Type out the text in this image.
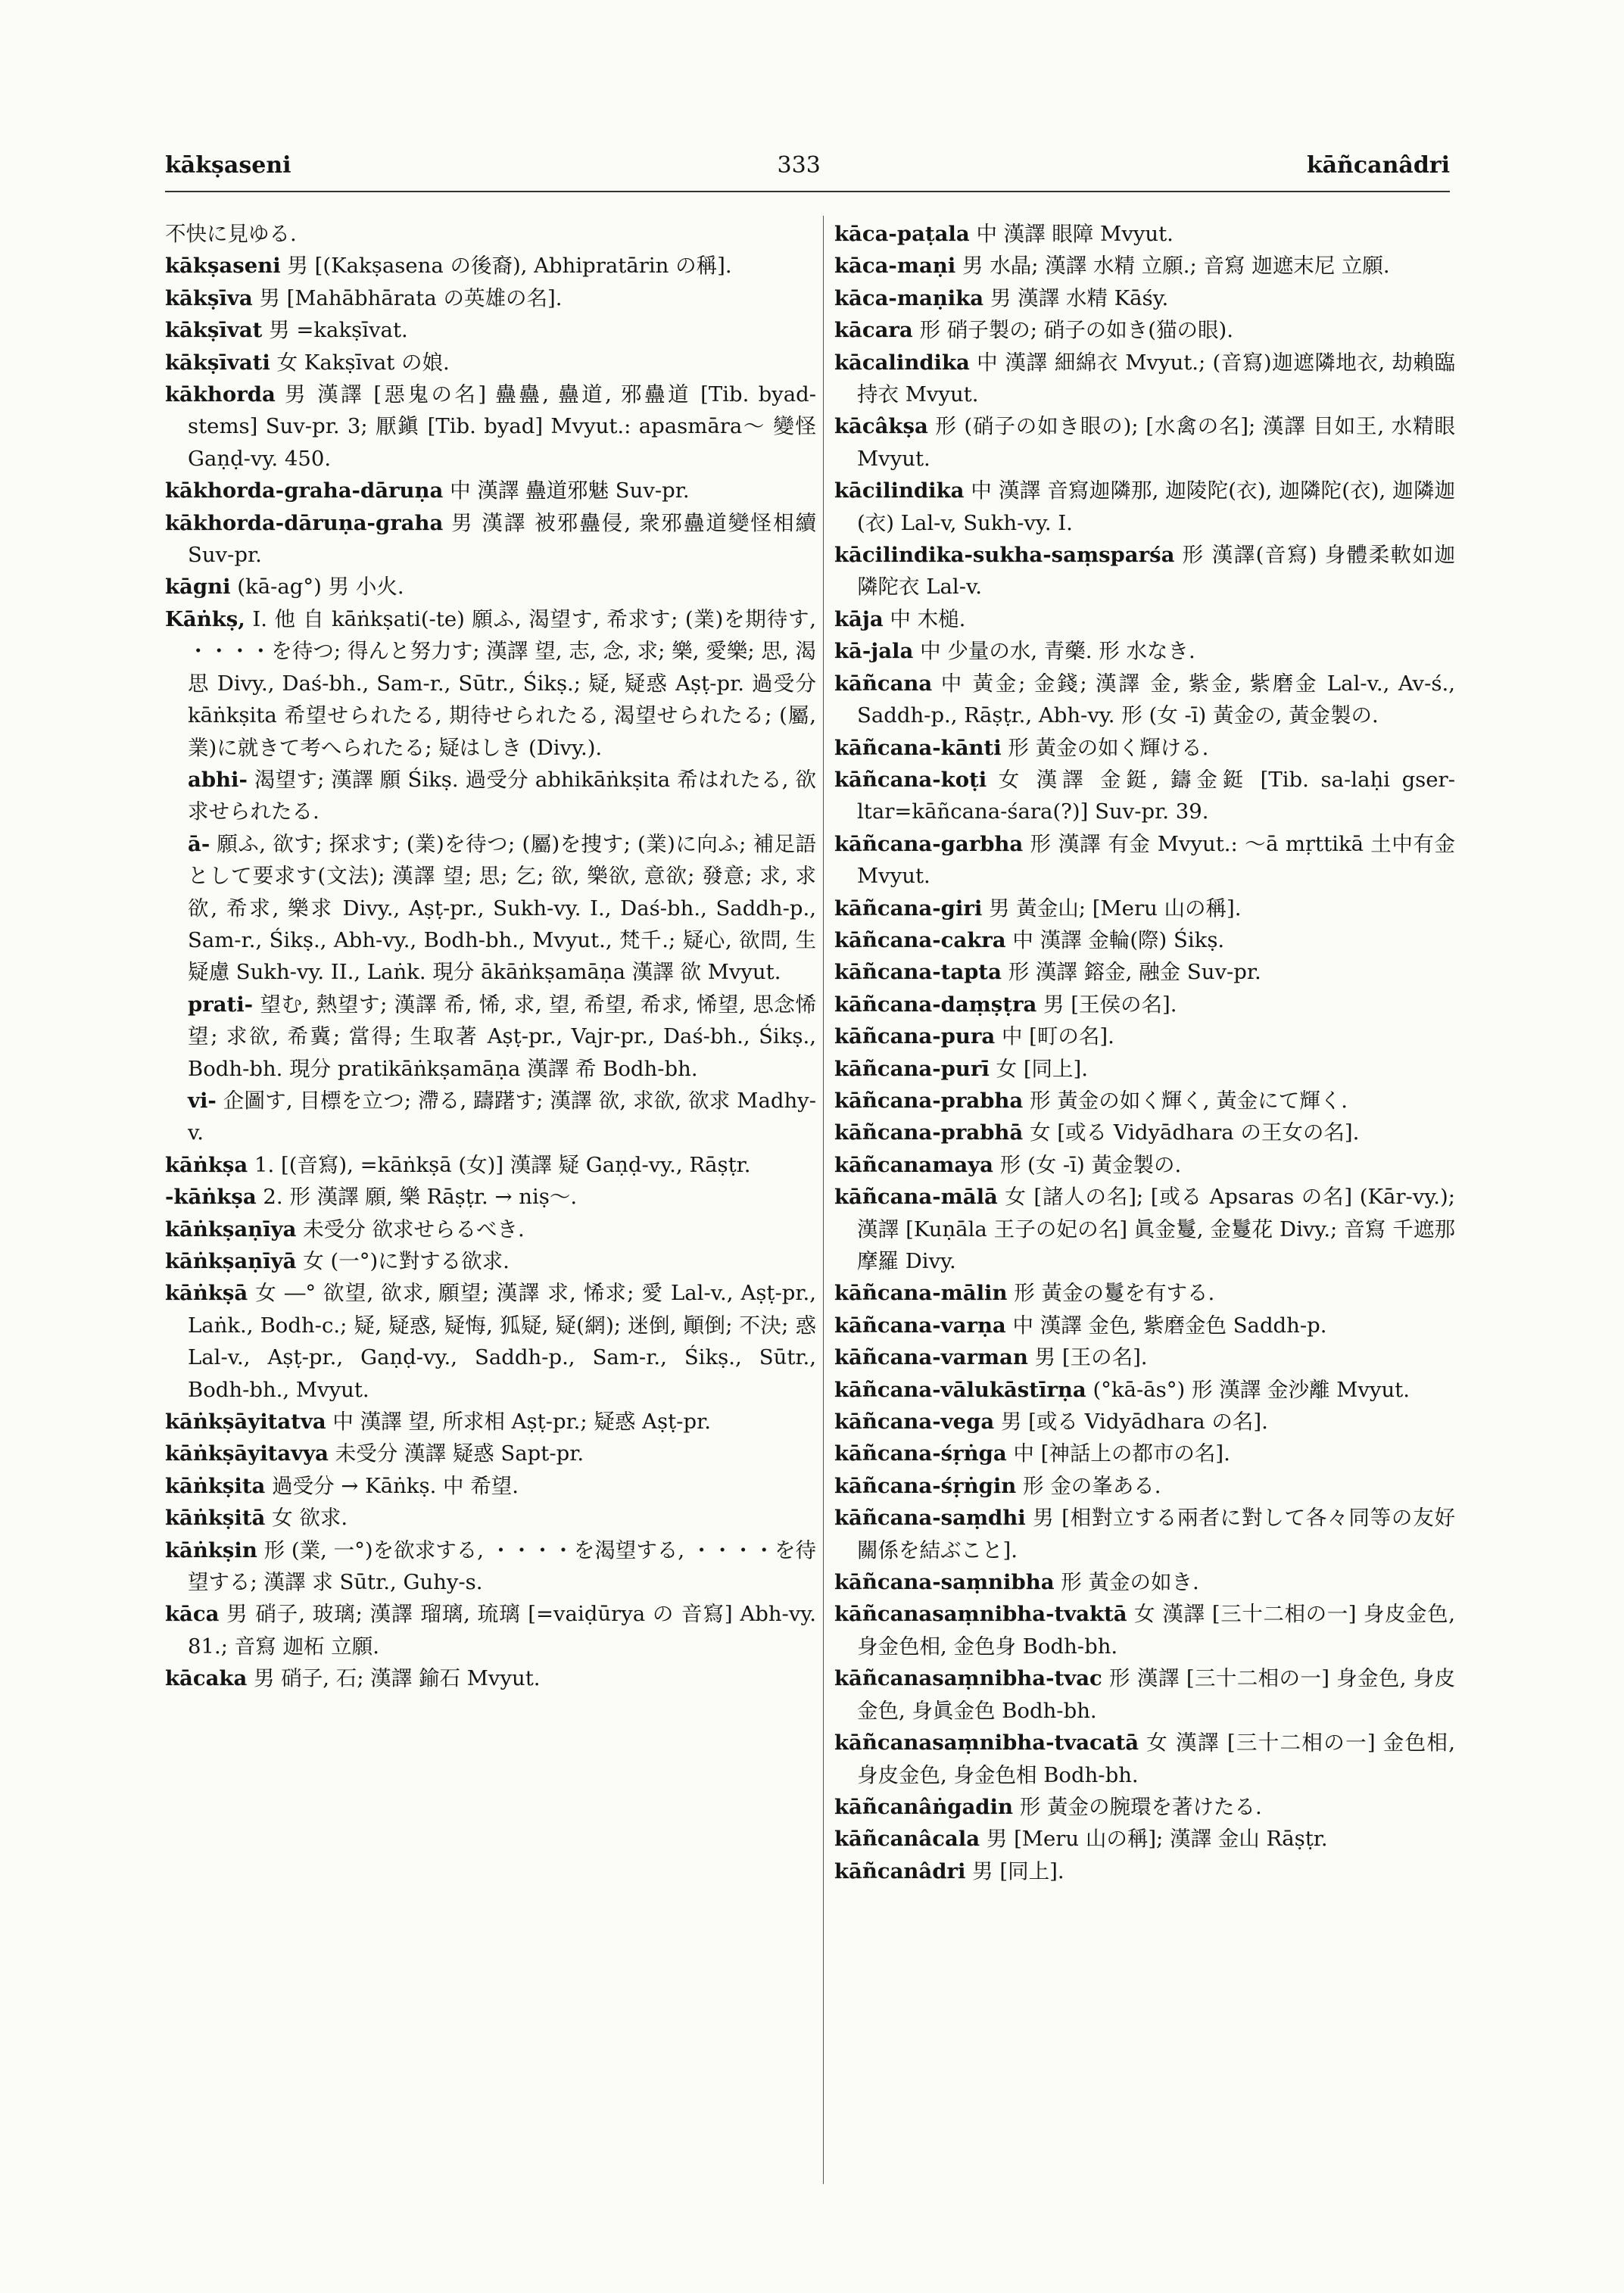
kākṣaseni	333	kāñcanâdri

不快に見ゆる.

kākṣaseni 男 [(Kakṣasena の後裔), Abhipratārin の稱].

kākṣīva 男 [Mahābhārata の英雄の名].

kākṣīvat 男 =kakṣīvat.

kākṣīvati 女 Kakṣīvat の娘.

kākhorda 男 漢譯 [惡鬼の名] 蠱蠱, 蠱道, 邪蠱道 [Tib. byad-stems] Suv-pr. 3; 厭鎭 [Tib. byad] Mvyut.: apasmāra〜 變怪 Gaṇḍ-vy. 450.

kākhorda-graha-dāruṇa 中 漢譯 蠱道邪魅 Suv-pr.

kākhorda-dāruṇa-graha 男 漢譯 被邪蠱侵, 衆邪蠱道變怪相續 Suv-pr.

kāgni (kā-ag°) 男 小火.

Kāṅkṣ, I. 他 自 kāṅkṣati(-te) 願ふ, 渴望す, 希求す; (業)を期待す, ・・・・を待つ; 得んと努力す; 漢譯 望, 志, 念, 求; 樂, 愛樂; 思, 渴思 Divy., Daś-bh., Sam-r., Sūtr., Śikṣ.; 疑, 疑惑 Aṣṭ-pr. 過受分 kāṅkṣita 希望せられたる, 期待せられたる, 渴望せられたる; (屬, 業)に就きて考へられたる; 疑はしき (Divy.).

abhi- 渴望す; 漢譯 願 Śikṣ. 過受分 abhikāṅkṣita 希はれたる, 欲求せられたる.

ā- 願ふ, 欲す; 探求す; (業)を待つ; (屬)を捜す; (業)に向ふ; 補足語として要求す(文法); 漢譯 望; 思; 乞; 欲, 樂欲, 意欲; 發意; 求, 求欲, 希求, 樂求 Divy., Aṣṭ-pr., Sukh-vy. I., Daś-bh., Saddh-p., Sam-r., Śikṣ., Abh-vy., Bodh-bh., Mvyut., 梵千.; 疑心, 欲問, 生疑慮 Sukh-vy. II., Laṅk. 現分 ākāṅkṣamāṇa 漢譯 欲 Mvyut.

prati- 望む, 熱望す; 漢譯 希, 悕, 求, 望, 希望, 希求, 悕望, 思念悕望; 求欲, 希冀; 當得; 生取著 Aṣṭ-pr., Vajr-pr., Daś-bh., Śikṣ., Bodh-bh. 現分 pratikāṅkṣamāṇa 漢譯 希 Bodh-bh.

vi- 企圖す, 目標を立つ; 滯る, 躊躇す; 漢譯 欲, 求欲, 欲求 Madhy-v.

kāṅkṣa 1. [(音寫), =kāṅkṣā (女)] 漢譯 疑 Gaṇḍ-vy., Rāṣṭr.

-kāṅkṣa 2. 形 漢譯 願, 樂 Rāṣṭr. → niṣ〜.

kāṅkṣaṇīya 未受分 欲求せらるべき.

kāṅkṣaṇīyā 女 (一°)に對する欲求.

kāṅkṣā 女 ―° 欲望, 欲求, 願望; 漢譯 求, 悕求; 愛 Lal-v., Aṣṭ-pr., Laṅk., Bodh-c.; 疑, 疑惑, 疑悔, 狐疑, 疑(網); 迷倒, 顚倒; 不決; 惑 Lal-v., Aṣṭ-pr., Gaṇḍ-vy., Saddh-p., Sam-r., Śikṣ., Sūtr., Bodh-bh., Mvyut.

kāṅkṣāyitatva 中 漢譯 望, 所求相 Aṣṭ-pr.; 疑惑 Aṣṭ-pr.

kāṅkṣāyitavya 未受分 漢譯 疑惑 Sapt-pr.

kāṅkṣita 過受分 → Kāṅkṣ. 中 希望.

kāṅkṣitā 女 欲求.

kāṅkṣin 形 (業, 一°)を欲求する, ・・・・を渴望する, ・・・・を待望する; 漢譯 求 Sūtr., Guhy-s.

kāca 男 硝子, 玻璃; 漢譯 瑠璃, 琉璃 [=vaiḍūrya の 音寫] Abh-vy. 81.; 音寫 迦柘 立願.

kācaka 男 硝子, 石; 漢譯 鍮石 Mvyut.

kāca-paṭala 中 漢譯 眼障 Mvyut.

kāca-maṇi 男 水晶; 漢譯 水精 立願.; 音寫 迦遮末尼 立願.

kāca-maṇika 男 漢譯 水精 Kāśy.

kācara 形 硝子製の; 硝子の如き(猫の眼).

kācalindika 中 漢譯 細綿衣 Mvyut.; (音寫)迦遮隣地衣, 劫賴臨持衣 Mvyut.

kācâkṣa 形 (硝子の如き眼の); [水禽の名]; 漢譯 目如王, 水精眼 Mvyut.

kācilindika 中 漢譯 音寫迦隣那, 迦陵陀(衣), 迦隣陀(衣), 迦隣迦(衣) Lal-v, Sukh-vy. I.

kācilindika-sukha-saṃsparśa 形 漢譯(音寫) 身體柔軟如迦隣陀衣 Lal-v.

kāja 中 木槌.

kā-jala 中 少量の水, 青藥. 形 水なき.

kāñcana 中 黃金; 金錢; 漢譯 金, 紫金, 紫磨金 Lal-v., Av-ś., Saddh-p., Rāṣṭr., Abh-vy. 形 (女 -ī) 黃金の, 黃金製の.

kāñcana-kānti 形 黃金の如く輝ける.

kāñcana-koṭi 女 漢譯 金鋌, 鑄金鋌 [Tib. sa-laḥi gser-ltar=kāñcana-śara(?)] Suv-pr. 39.

kāñcana-garbha 形 漢譯 有金 Mvyut.: 〜ā mṛttikā 土中有金 Mvyut.

kāñcana-giri 男 黃金山; [Meru 山の稱].

kāñcana-cakra 中 漢譯 金輪(際) Śikṣ.

kāñcana-tapta 形 漢譯 鎔金, 融金 Suv-pr.

kāñcana-daṃṣṭra 男 [王侯の名].

kāñcana-pura 中 [町の名].

kāñcana-purī 女 [同上].

kāñcana-prabha 形 黃金の如く輝く, 黃金にて輝く.

kāñcana-prabhā 女 [或る Vidyādhara の王女の名].

kāñcanamaya 形 (女 -ī) 黃金製の.

kāñcana-mālā 女 [諸人の名]; [或る Apsaras の名] (Kār-vy.); 漢譯 [Kuṇāla 王子の妃の名] 眞金鬘, 金鬘花 Divy.; 音寫 千遮那摩羅 Divy.

kāñcana-mālin 形 黃金の鬘を有する.

kāñcana-varṇa 中 漢譯 金色, 紫磨金色 Saddh-p.

kāñcana-varman 男 [王の名].

kāñcana-vālukāstīrṇa (°kā-ās°) 形 漢譯 金沙離 Mvyut.

kāñcana-vega 男 [或る Vidyādhara の名].

kāñcana-śṛṅga 中 [神話上の都市の名].

kāñcana-śṛṅgin 形 金の峯ある.

kāñcana-saṃdhi 男 [相對立する兩者に對して各々同等の友好關係を結ぶこと].

kāñcana-saṃnibha 形 黃金の如き.

kāñcanasaṃnibha-tvaktā 女 漢譯 [三十二相の一] 身皮金色, 身金色相, 金色身 Bodh-bh.

kāñcanasaṃnibha-tvac 形 漢譯 [三十二相の一] 身金色, 身皮金色, 身眞金色 Bodh-bh.

kāñcanasaṃnibha-tvacatā 女 漢譯 [三十二相の一] 金色相, 身皮金色, 身金色相 Bodh-bh.

kāñcanâṅgadin 形 黃金の腕環を著けたる.

kāñcanâcala 男 [Meru 山の稱]; 漢譯 金山 Rāṣṭr.

kāñcanâdri 男 [同上].
